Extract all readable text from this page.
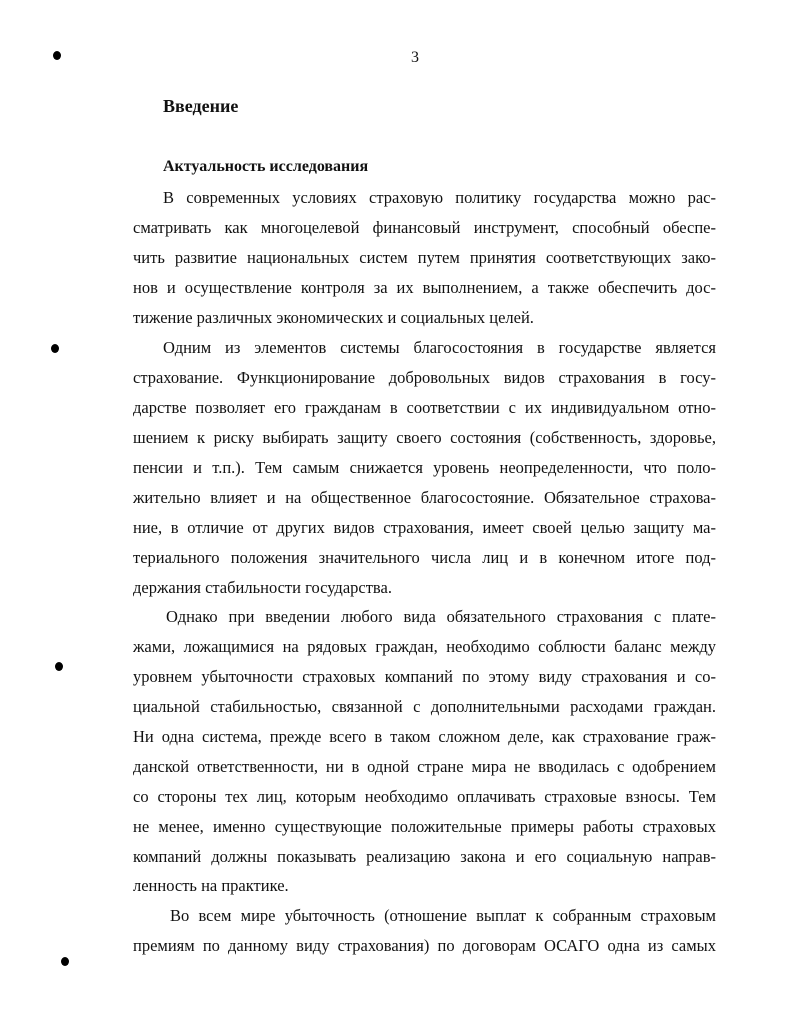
3
Введение
Актуальность исследования
В современных условиях страховую политику государства можно рас-
сматривать как многоцелевой финансовый инструмент, способный обеспе-
чить развитие национальных систем путем принятия соответствующих зако-
нов и осуществление контроля за их выполнением, а также обеспечить дос-
тижение различных экономических и социальных целей.
Одним из элементов системы благосостояния в государстве является
страхование. Функционирование добровольных видов страхования в госу-
дарстве позволяет его гражданам в соответствии с их индивидуальном отно-
шением к риску выбирать защиту своего состояния (собственность, здоровье,
пенсии и т.п.). Тем самым снижается уровень неопределенности, что поло-
жительно влияет и на общественное благосостояние. Обязательное страхова-
ние, в отличие от других видов страхования, имеет своей целью защиту ма-
териального положения значительного числа лиц и в конечном итоге под-
держания стабильности государства.
Однако при введении любого вида обязательного страхования с плате-
жами, ложащимися на рядовых граждан, необходимо соблюсти баланс между
уровнем убыточности страховых компаний по этому виду страхования и со-
циальной стабильностью, связанной с дополнительными расходами граждан.
Ни одна система, прежде всего в таком сложном деле, как страхование граж-
данской ответственности, ни в одной стране мира не вводилась с одобрением
со стороны тех лиц, которым необходимо оплачивать страховые взносы. Тем
не менее, именно существующие положительные примеры работы страховых
компаний должны показывать реализацию закона и его социальную направ-
ленность на практике.
Во всем мире убыточность (отношение выплат к собранным страховым
премиям по данному виду страхования) по договорам ОСАГО одна из самых
